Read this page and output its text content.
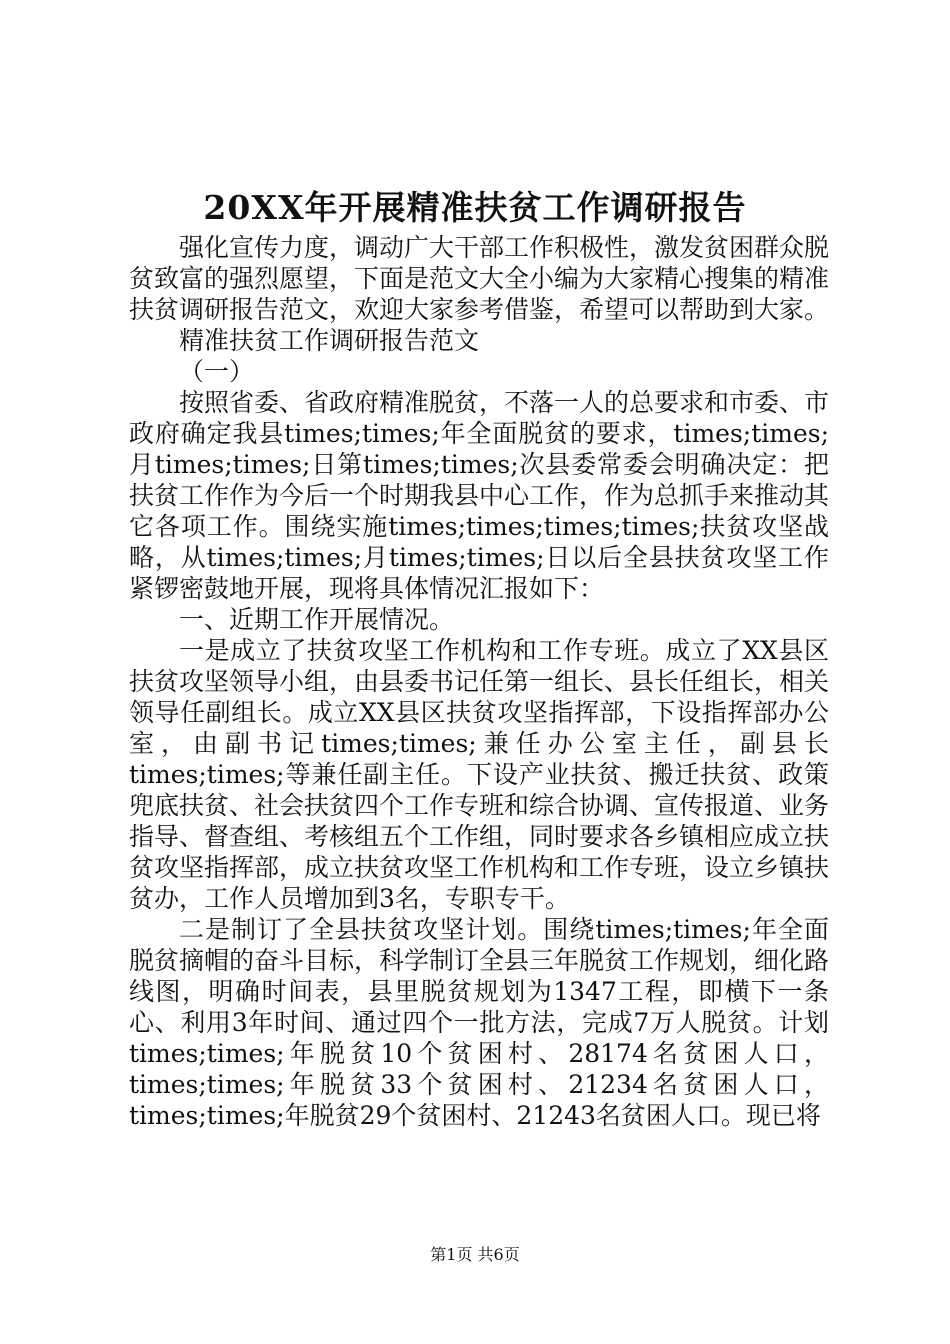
20XX年开展精准扶贫工作调研报告

强化宣传力度，调动广大干部工作积极性，激发贫困群众脱贫致富的强烈愿望，下面是范文大全小编为大家精心搜集的精准扶贫调研报告范文，欢迎大家参考借鉴，希望可以帮助到大家。

精准扶贫工作调研报告范文

（一）

按照省委、省政府精准脱贫，不落一人的总要求和市委、市政府确定我县times;times;年全面脱贫的要求，times;times;月times;times;日第times;times;次县委常委会明确决定：把扶贫工作作为今后一个时期我县中心工作，作为总抓手来推动其它各项工作。围绕实施times;times;times;times;扶贫攻坚战略，从times;times;月times;times;日以后全县扶贫攻坚工作紧锣密鼓地开展，现将具体情况汇报如下：

一、近期工作开展情况。

一是成立了扶贫攻坚工作机构和工作专班。成立了XX县区扶贫攻坚领导小组，由县委书记任第一组长、县长任组长，相关领导任副组长。成立XX县区扶贫攻坚指挥部，下设指挥部办公室，由副书记times;times;兼任办公室主任，副县长times;times;等兼任副主任。下设产业扶贫、搬迁扶贫、政策兜底扶贫、社会扶贫四个工作专班和综合协调、宣传报道、业务指导、督查组、考核组五个工作组，同时要求各乡镇相应成立扶贫攻坚指挥部，成立扶贫攻坚工作机构和工作专班，设立乡镇扶贫办，工作人员增加到3名，专职专干。

二是制订了全县扶贫攻坚计划。围绕times;times;年全面脱贫摘帽的奋斗目标，科学制订全县三年脱贫工作规划，细化路线图，明确时间表，县里脱贫规划为1347工程，即横下一条心、利用3年时间、通过四个一批方法，完成7万人脱贫。计划times;times;年脱贫10个贫困村、28174名贫困人口，times;times;年脱贫33个贫困村、21234名贫困人口，times;times;年脱贫29个贫困村、21243名贫困人口。现已将

第1页 共6页
